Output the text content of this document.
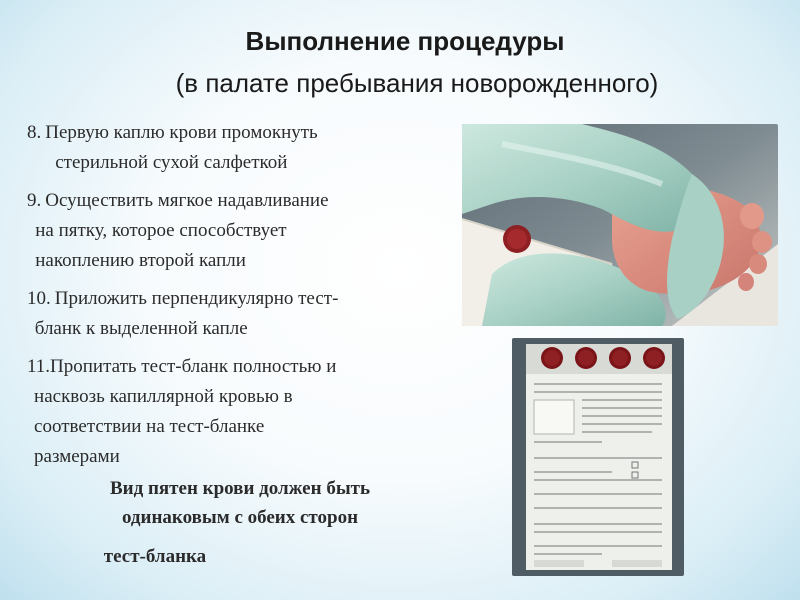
Выполнение процедуры
(в палате пребывания новорожденного)
8. Первую каплю крови промокнуть
стерильной сухой салфеткой
9. Осуществить мягкое надавливание
на пятку, которое способствует
накоплению второй капли
10. Приложить перпендикулярно тест-
бланк к выделенной капле
11. Пропитать тест-бланк полностью и
насквозь капиллярной кровью в
соответствии на тест-бланке
размерами
Вид пятен крови должен быть
одинаковым с обеих сторон
тест-бланка
